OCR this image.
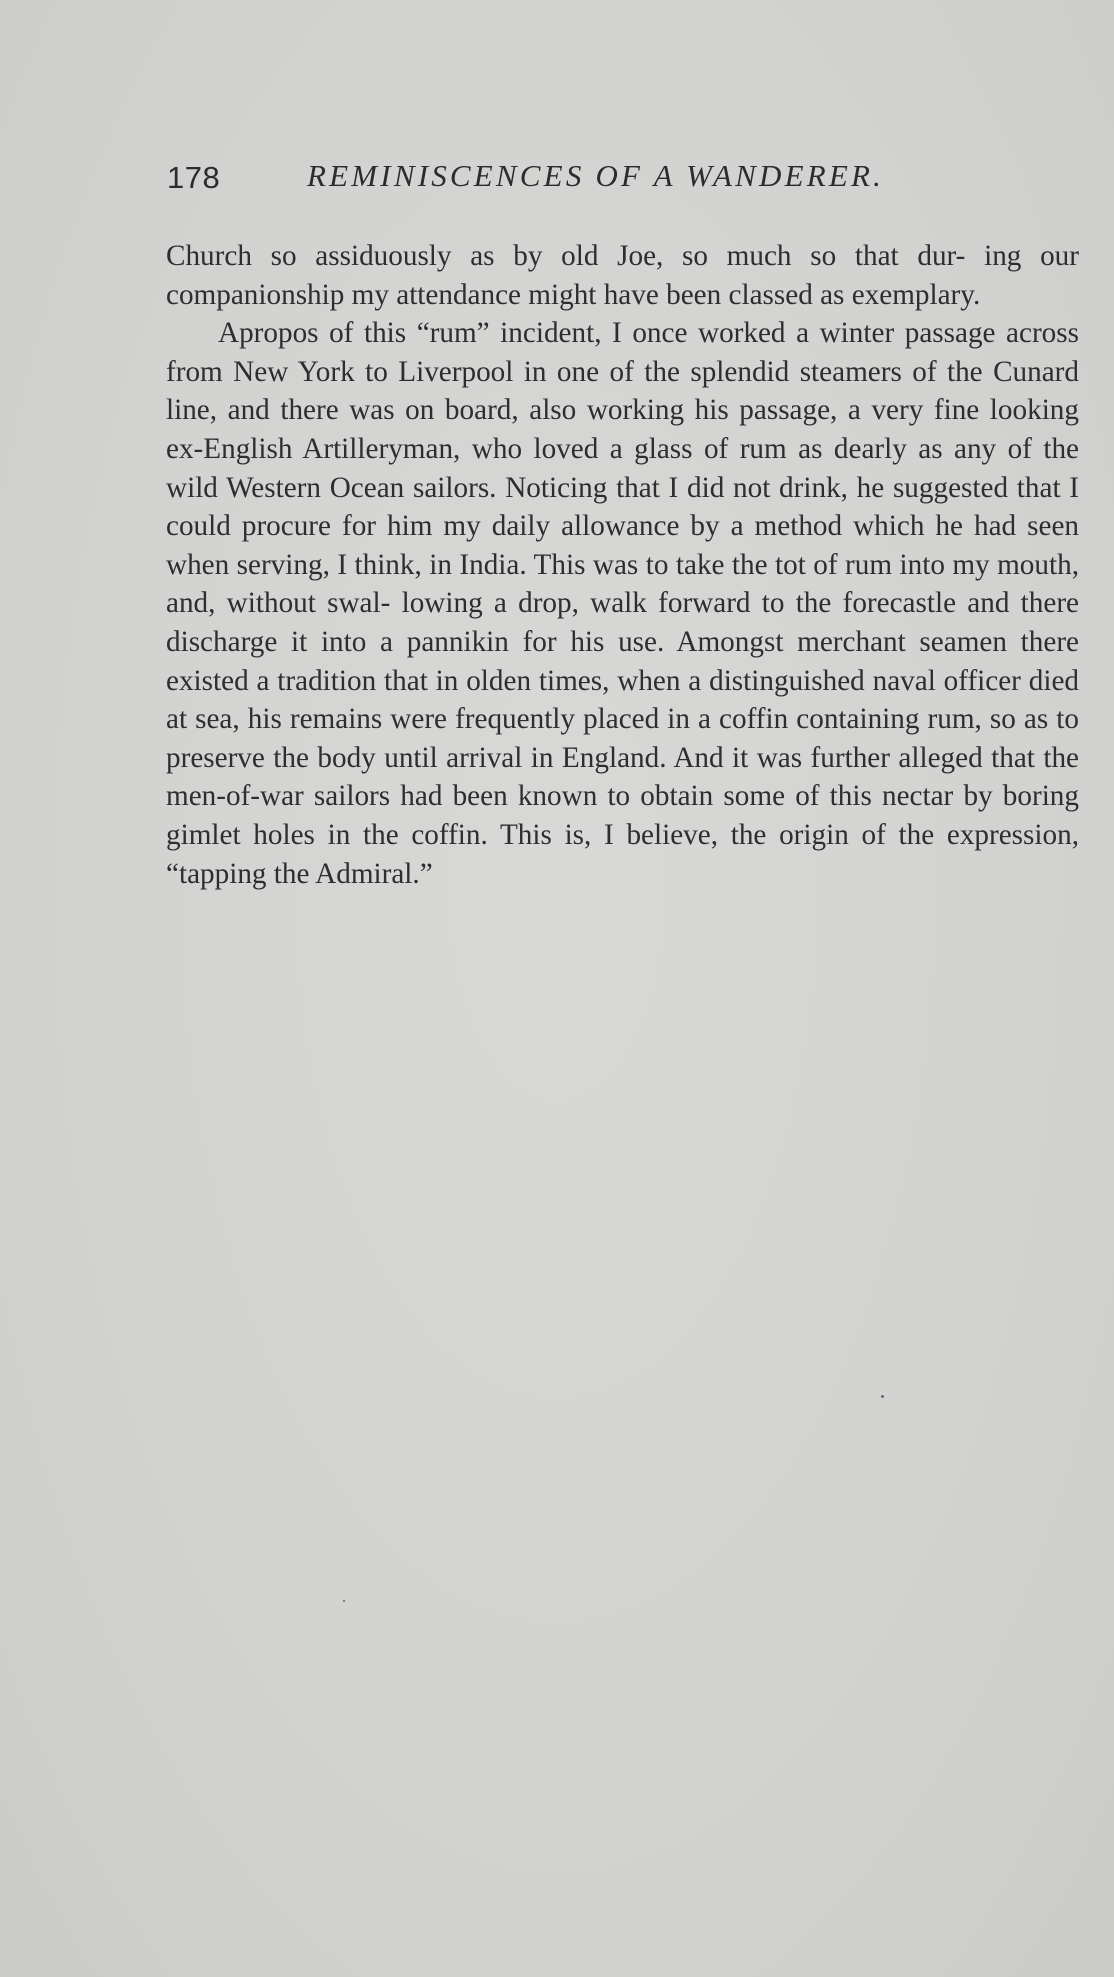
178	REMINISCENCES OF A WANDERER.

Church so assiduously as by old Joe, so much so that dur- ing our companionship my attendance might have been classed as exemplary.

Apropos of this “rum” incident, I once worked a winter passage across from New York to Liverpool in one of the splendid steamers of the Cunard line, and there was on board, also working his passage, a very fine looking ex-English Artilleryman, who loved a glass of rum as dearly as any of the wild Western Ocean sailors. Noticing that I did not drink, he suggested that I could procure for him my daily allowance by a method which he had seen when serving, I think, in India. This was to take the tot of rum into my mouth, and, without swal- lowing a drop, walk forward to the forecastle and there discharge it into a pannikin for his use. Amongst merchant seamen there existed a tradition that in olden times, when a distinguished naval officer died at sea, his remains were frequently placed in a coffin containing rum, so as to preserve the body until arrival in England. And it was further alleged that the men-of-war sailors had been known to obtain some of this nectar by boring gimlet holes in the coffin. This is, I believe, the origin of the expression, “tapping the Admiral.”
